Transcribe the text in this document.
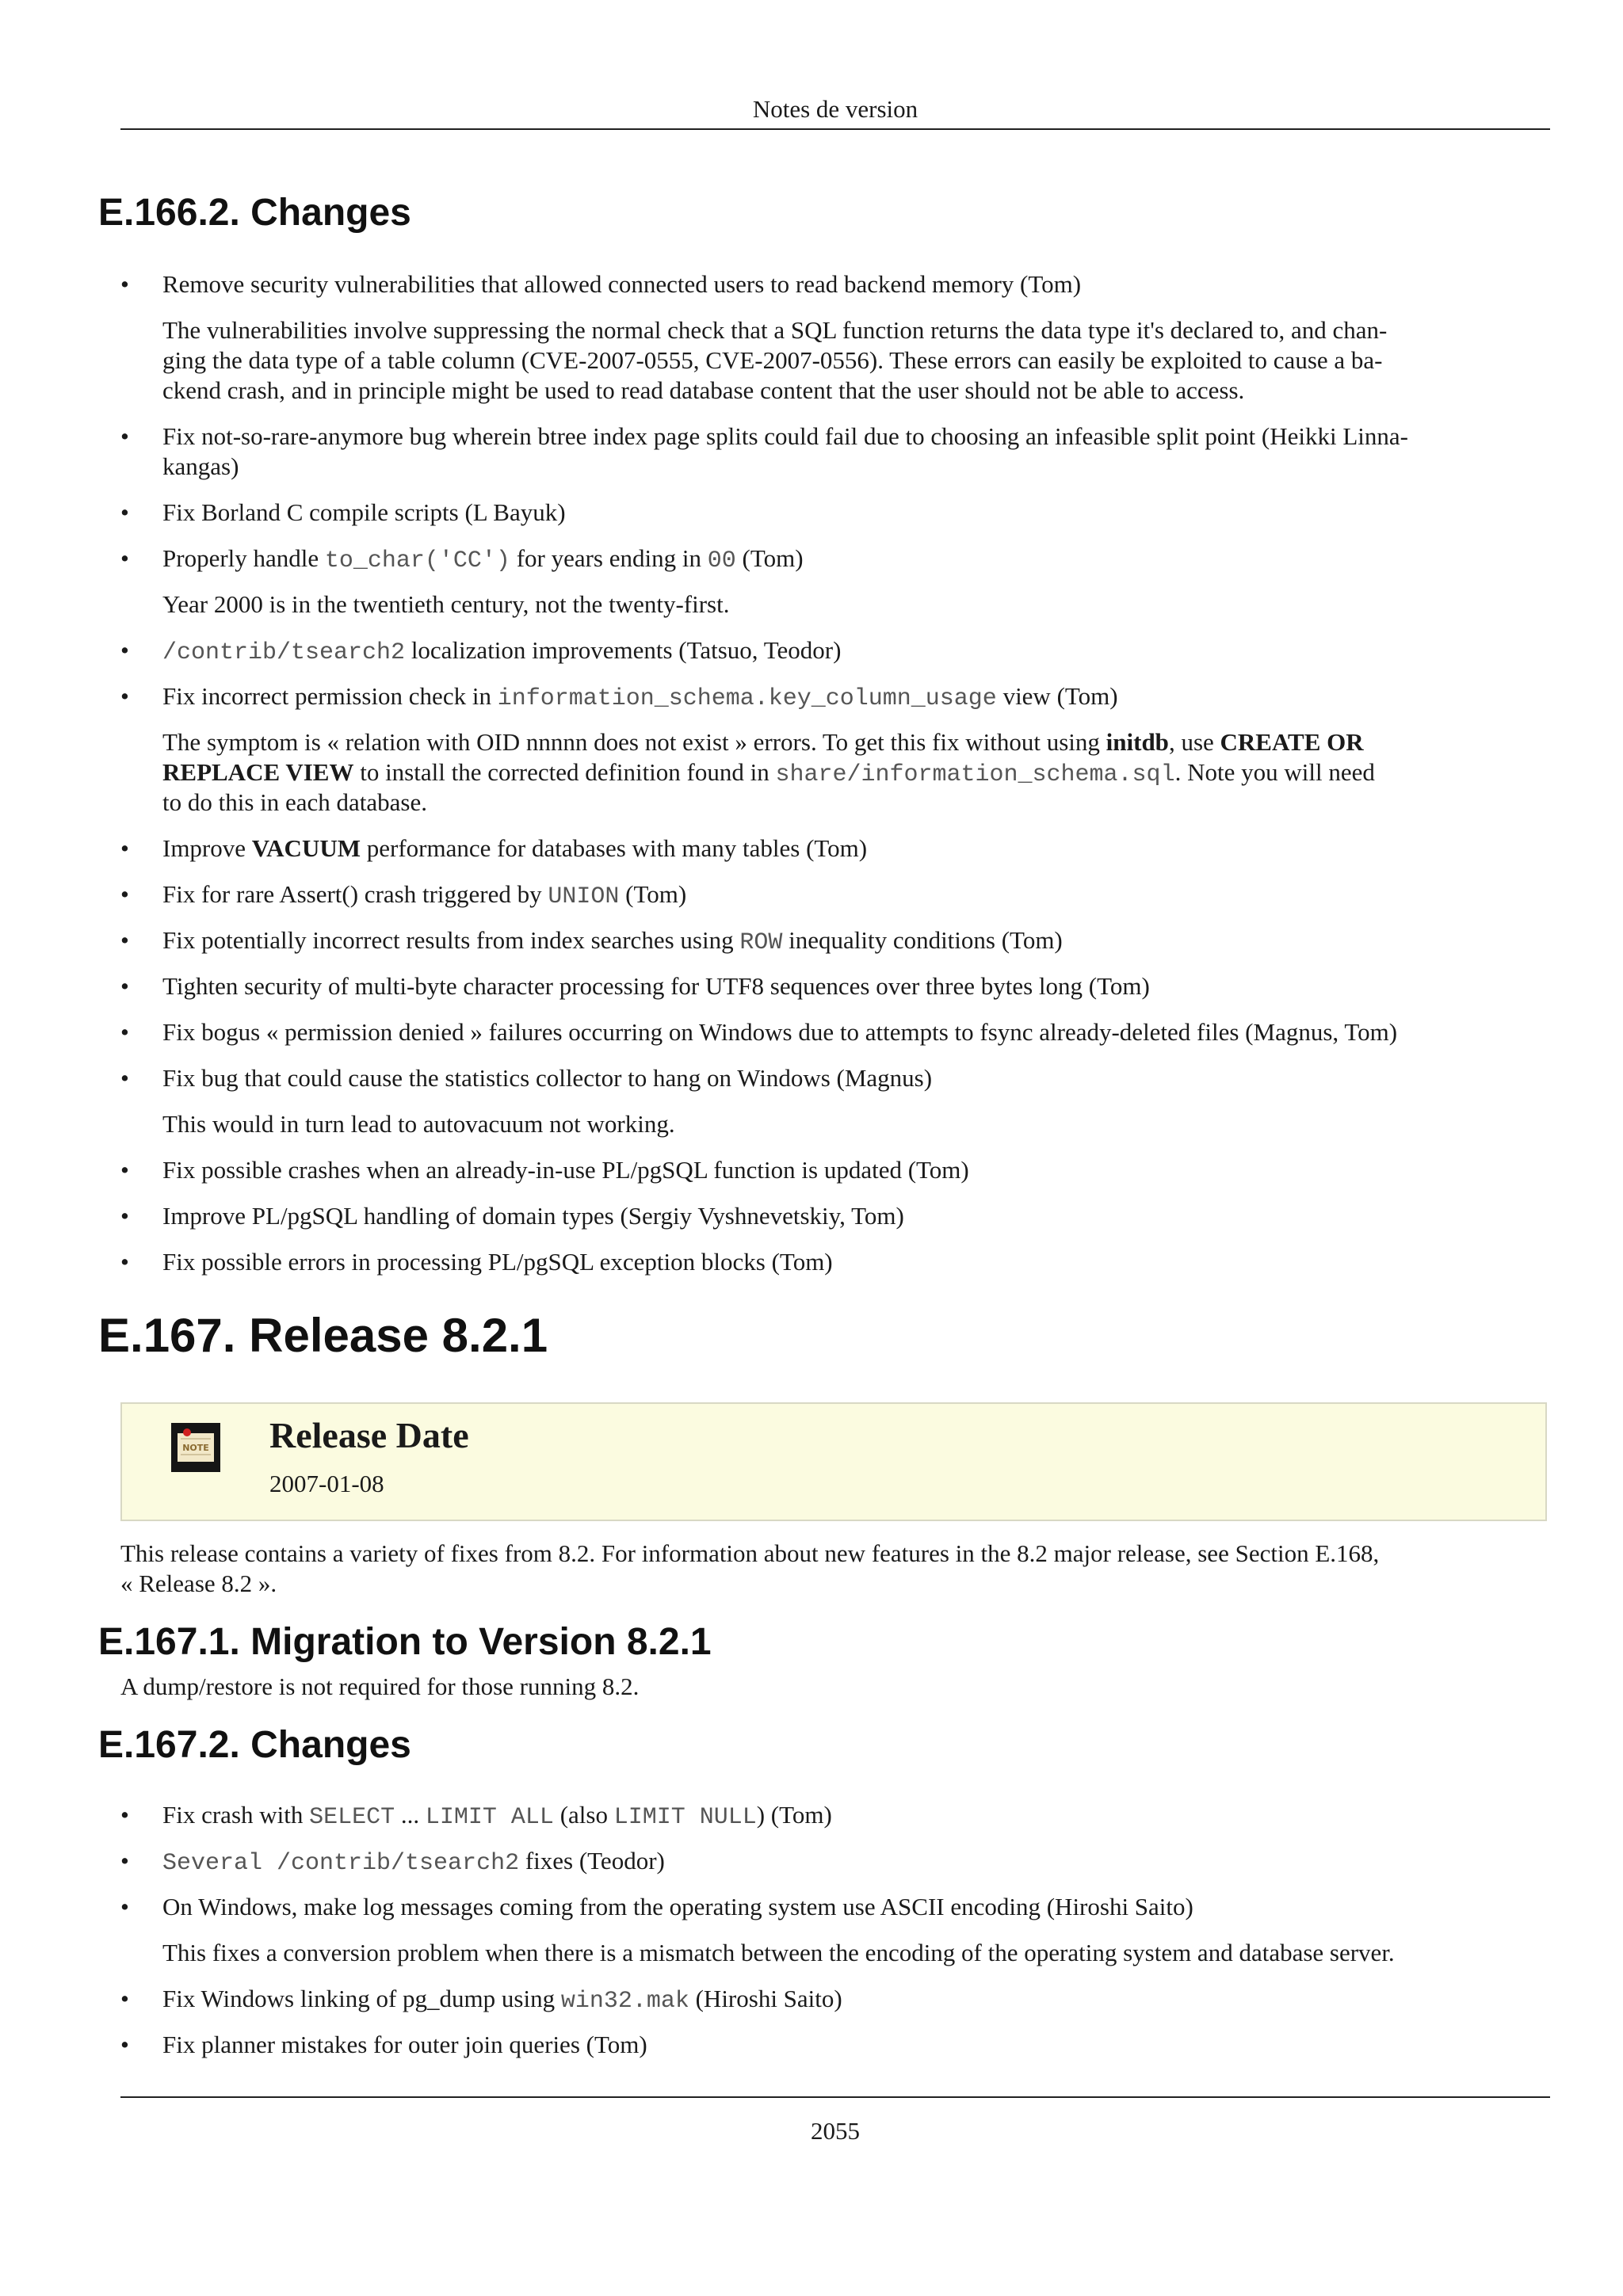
Notes de version
E.166.2. Changes
• Remove security vulnerabilities that allowed connected users to read backend memory (Tom)
The vulnerabilities involve suppressing the normal check that a SQL function returns the data type it's declared to, and chan-
ging the data type of a table column (CVE-2007-0555, CVE-2007-0556). These errors can easily be exploited to cause a ba-
ckend crash, and in principle might be used to read database content that the user should not be able to access.
• Fix not-so-rare-anymore bug wherein btree index page splits could fail due to choosing an infeasible split point (Heikki Linna-
kangas)
• Fix Borland C compile scripts (L Bayuk)
• Properly handle to_char('CC') for years ending in 00 (Tom)
Year 2000 is in the twentieth century, not the twenty-first.
• /contrib/tsearch2 localization improvements (Tatsuo, Teodor)
• Fix incorrect permission check in information_schema.key_column_usage view (Tom)
The symptom is « relation with OID nnnnn does not exist » errors. To get this fix without using initdb, use CREATE OR
REPLACE VIEW to install the corrected definition found in share/information_schema.sql. Note you will need
to do this in each database.
• Improve VACUUM performance for databases with many tables (Tom)
• Fix for rare Assert() crash triggered by UNION (Tom)
• Fix potentially incorrect results from index searches using ROW inequality conditions (Tom)
• Tighten security of multi-byte character processing for UTF8 sequences over three bytes long (Tom)
• Fix bogus « permission denied » failures occurring on Windows due to attempts to fsync already-deleted files (Magnus, Tom)
• Fix bug that could cause the statistics collector to hang on Windows (Magnus)
This would in turn lead to autovacuum not working.
• Fix possible crashes when an already-in-use PL/pgSQL function is updated (Tom)
• Improve PL/pgSQL handling of domain types (Sergiy Vyshnevetskiy, Tom)
• Fix possible errors in processing PL/pgSQL exception blocks (Tom)
E.167. Release 8.2.1
NOTE Release Date
2007-01-08
This release contains a variety of fixes from 8.2. For information about new features in the 8.2 major release, see Section E.168,
« Release 8.2 ».
E.167.1. Migration to Version 8.2.1
A dump/restore is not required for those running 8.2.
E.167.2. Changes
• Fix crash with SELECT ... LIMIT ALL (also LIMIT NULL) (Tom)
• Several /contrib/tsearch2 fixes (Teodor)
• On Windows, make log messages coming from the operating system use ASCII encoding (Hiroshi Saito)
This fixes a conversion problem when there is a mismatch between the encoding of the operating system and database server.
• Fix Windows linking of pg_dump using win32.mak (Hiroshi Saito)
• Fix planner mistakes for outer join queries (Tom)
2055
